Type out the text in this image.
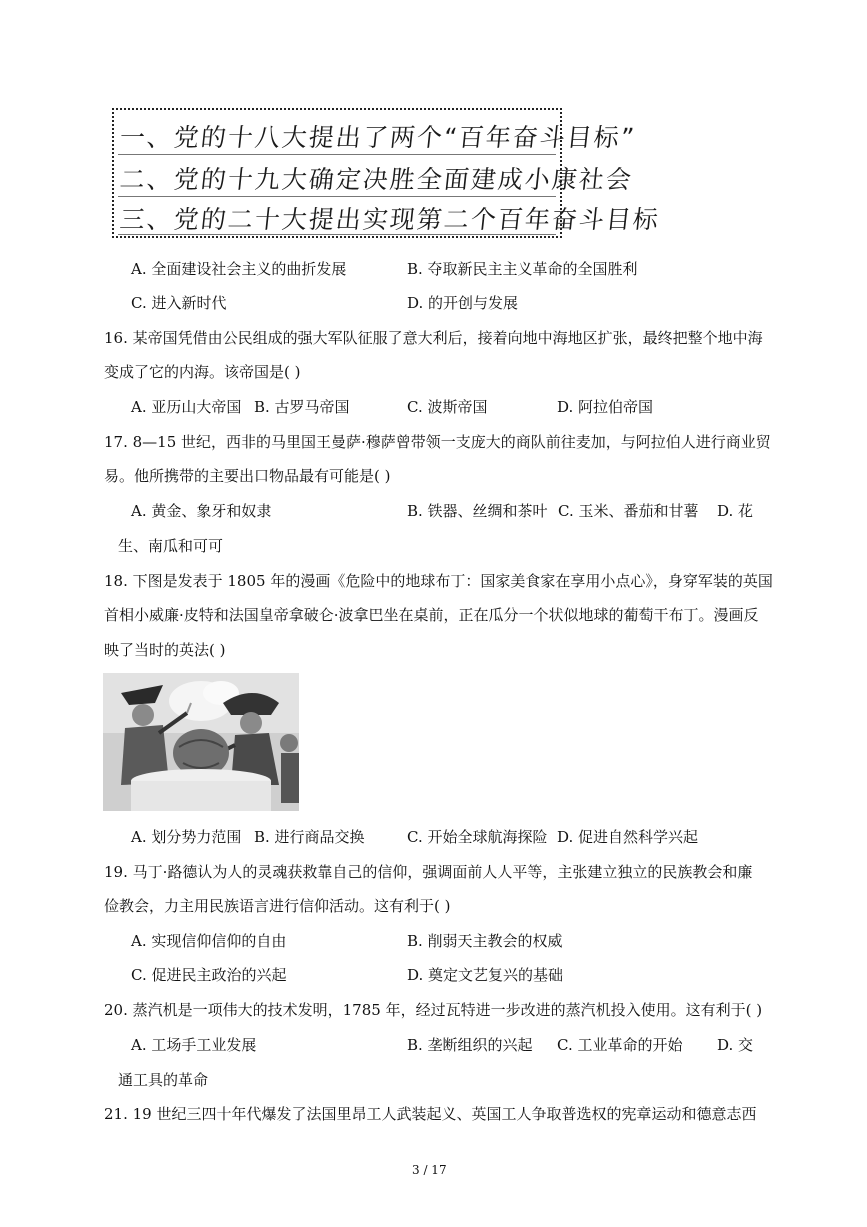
一、党的十八大提出了两个“百年奋斗目标”
二、党的十九大确定决胜全面建成小康社会
三、党的二十大提出实现第二个百年奋斗目标
A. 全面建设社会主义的曲折发展	B. 夺取新民主主义革命的全国胜利
C. 进入新时代	D. 的开创与发展
16. 某帝国凭借由公民组成的强大军队征服了意大利后，接着向地中海地区扩张，最终把整个地中海
变成了它的内海。该帝国是( )
A. 亚历山大帝国 B. 古罗马帝国	C. 波斯帝国	D. 阿拉伯帝国
17. 8—15 世纪，西非的马里国王曼萨·穆萨曾带领一支庞大的商队前往麦加，与阿拉伯人进行商业贸
易。他所携带的主要出口物品最有可能是( )
A. 黄金、象牙和奴隶	B. 铁器、丝绸和茶叶 C. 玉米、番茄和甘薯 D. 花
生、南瓜和可可
18. 下图是发表于 1805 年的漫画《危险中的地球布丁：国家美食家在享用小点心》，身穿军装的英国
首相小威廉·皮特和法国皇帝拿破仑·波拿巴坐在桌前，正在瓜分一个状似地球的葡萄干布丁。漫画反
映了当时的英法( )
A. 划分势力范围 B. 进行商品交换	C. 开始全球航海探险 D. 促进自然科学兴起
19. 马丁·路德认为人的灵魂获救靠自己的信仰，强调面前人人平等，主张建立独立的民族教会和廉
俭教会，力主用民族语言进行信仰活动。这有利于( )
A. 实现信仰信仰的自由	B. 削弱天主教会的权威
C. 促进民主政治的兴起	D. 奠定文艺复兴的基础
20. 蒸汽机是一项伟大的技术发明，1785 年，经过瓦特进一步改进的蒸汽机投入使用。这有利于( )
A. 工场手工业发展	B. 垄断组织的兴起 C. 工业革命的开始 D. 交
通工具的革命
21. 19 世纪三四十年代爆发了法国里昂工人武装起义、英国工人争取普选权的宪章运动和德意志西
3 / 17
